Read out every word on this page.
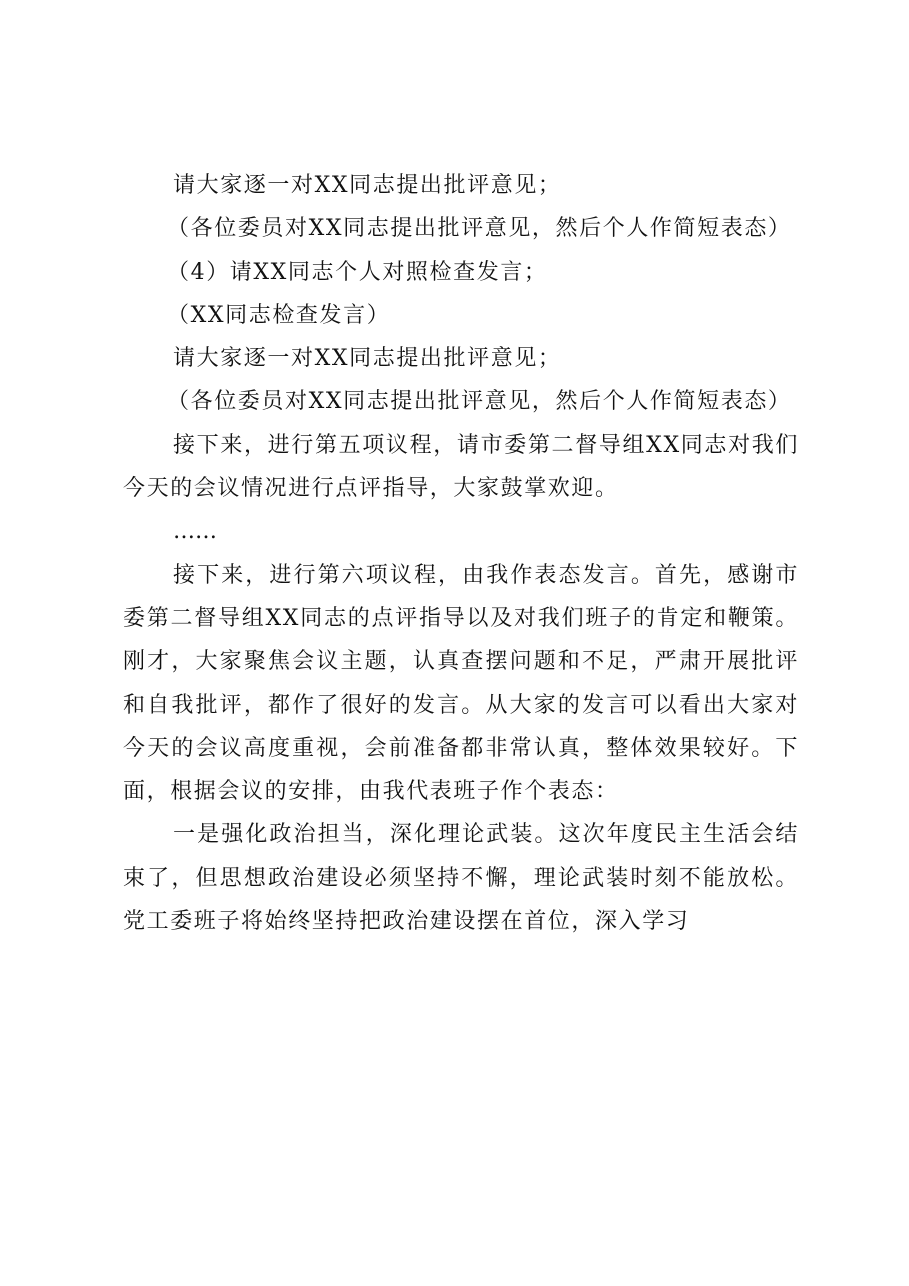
请大家逐一对XX同志提出批评意见；

（各位委员对XX同志提出批评意见，然后个人作简短表态）

（4）请XX同志个人对照检查发言；

（XX同志检查发言）

请大家逐一对XX同志提出批评意见；

（各位委员对XX同志提出批评意见，然后个人作简短表态）

接下来，进行第五项议程，请市委第二督导组XX同志对我们今天的会议情况进行点评指导，大家鼓掌欢迎。

……

接下来，进行第六项议程，由我作表态发言。首先，感谢市委第二督导组XX同志的点评指导以及对我们班子的肯定和鞭策。刚才，大家聚焦会议主题，认真查摆问题和不足，严肃开展批评和自我批评，都作了很好的发言。从大家的发言可以看出大家对今天的会议高度重视，会前准备都非常认真，整体效果较好。下面，根据会议的安排，由我代表班子作个表态：

一是强化政治担当，深化理论武装。这次年度民主生活会结束了，但思想政治建设必须坚持不懈，理论武装时刻不能放松。党工委班子将始终坚持把政治建设摆在首位，深入学习
